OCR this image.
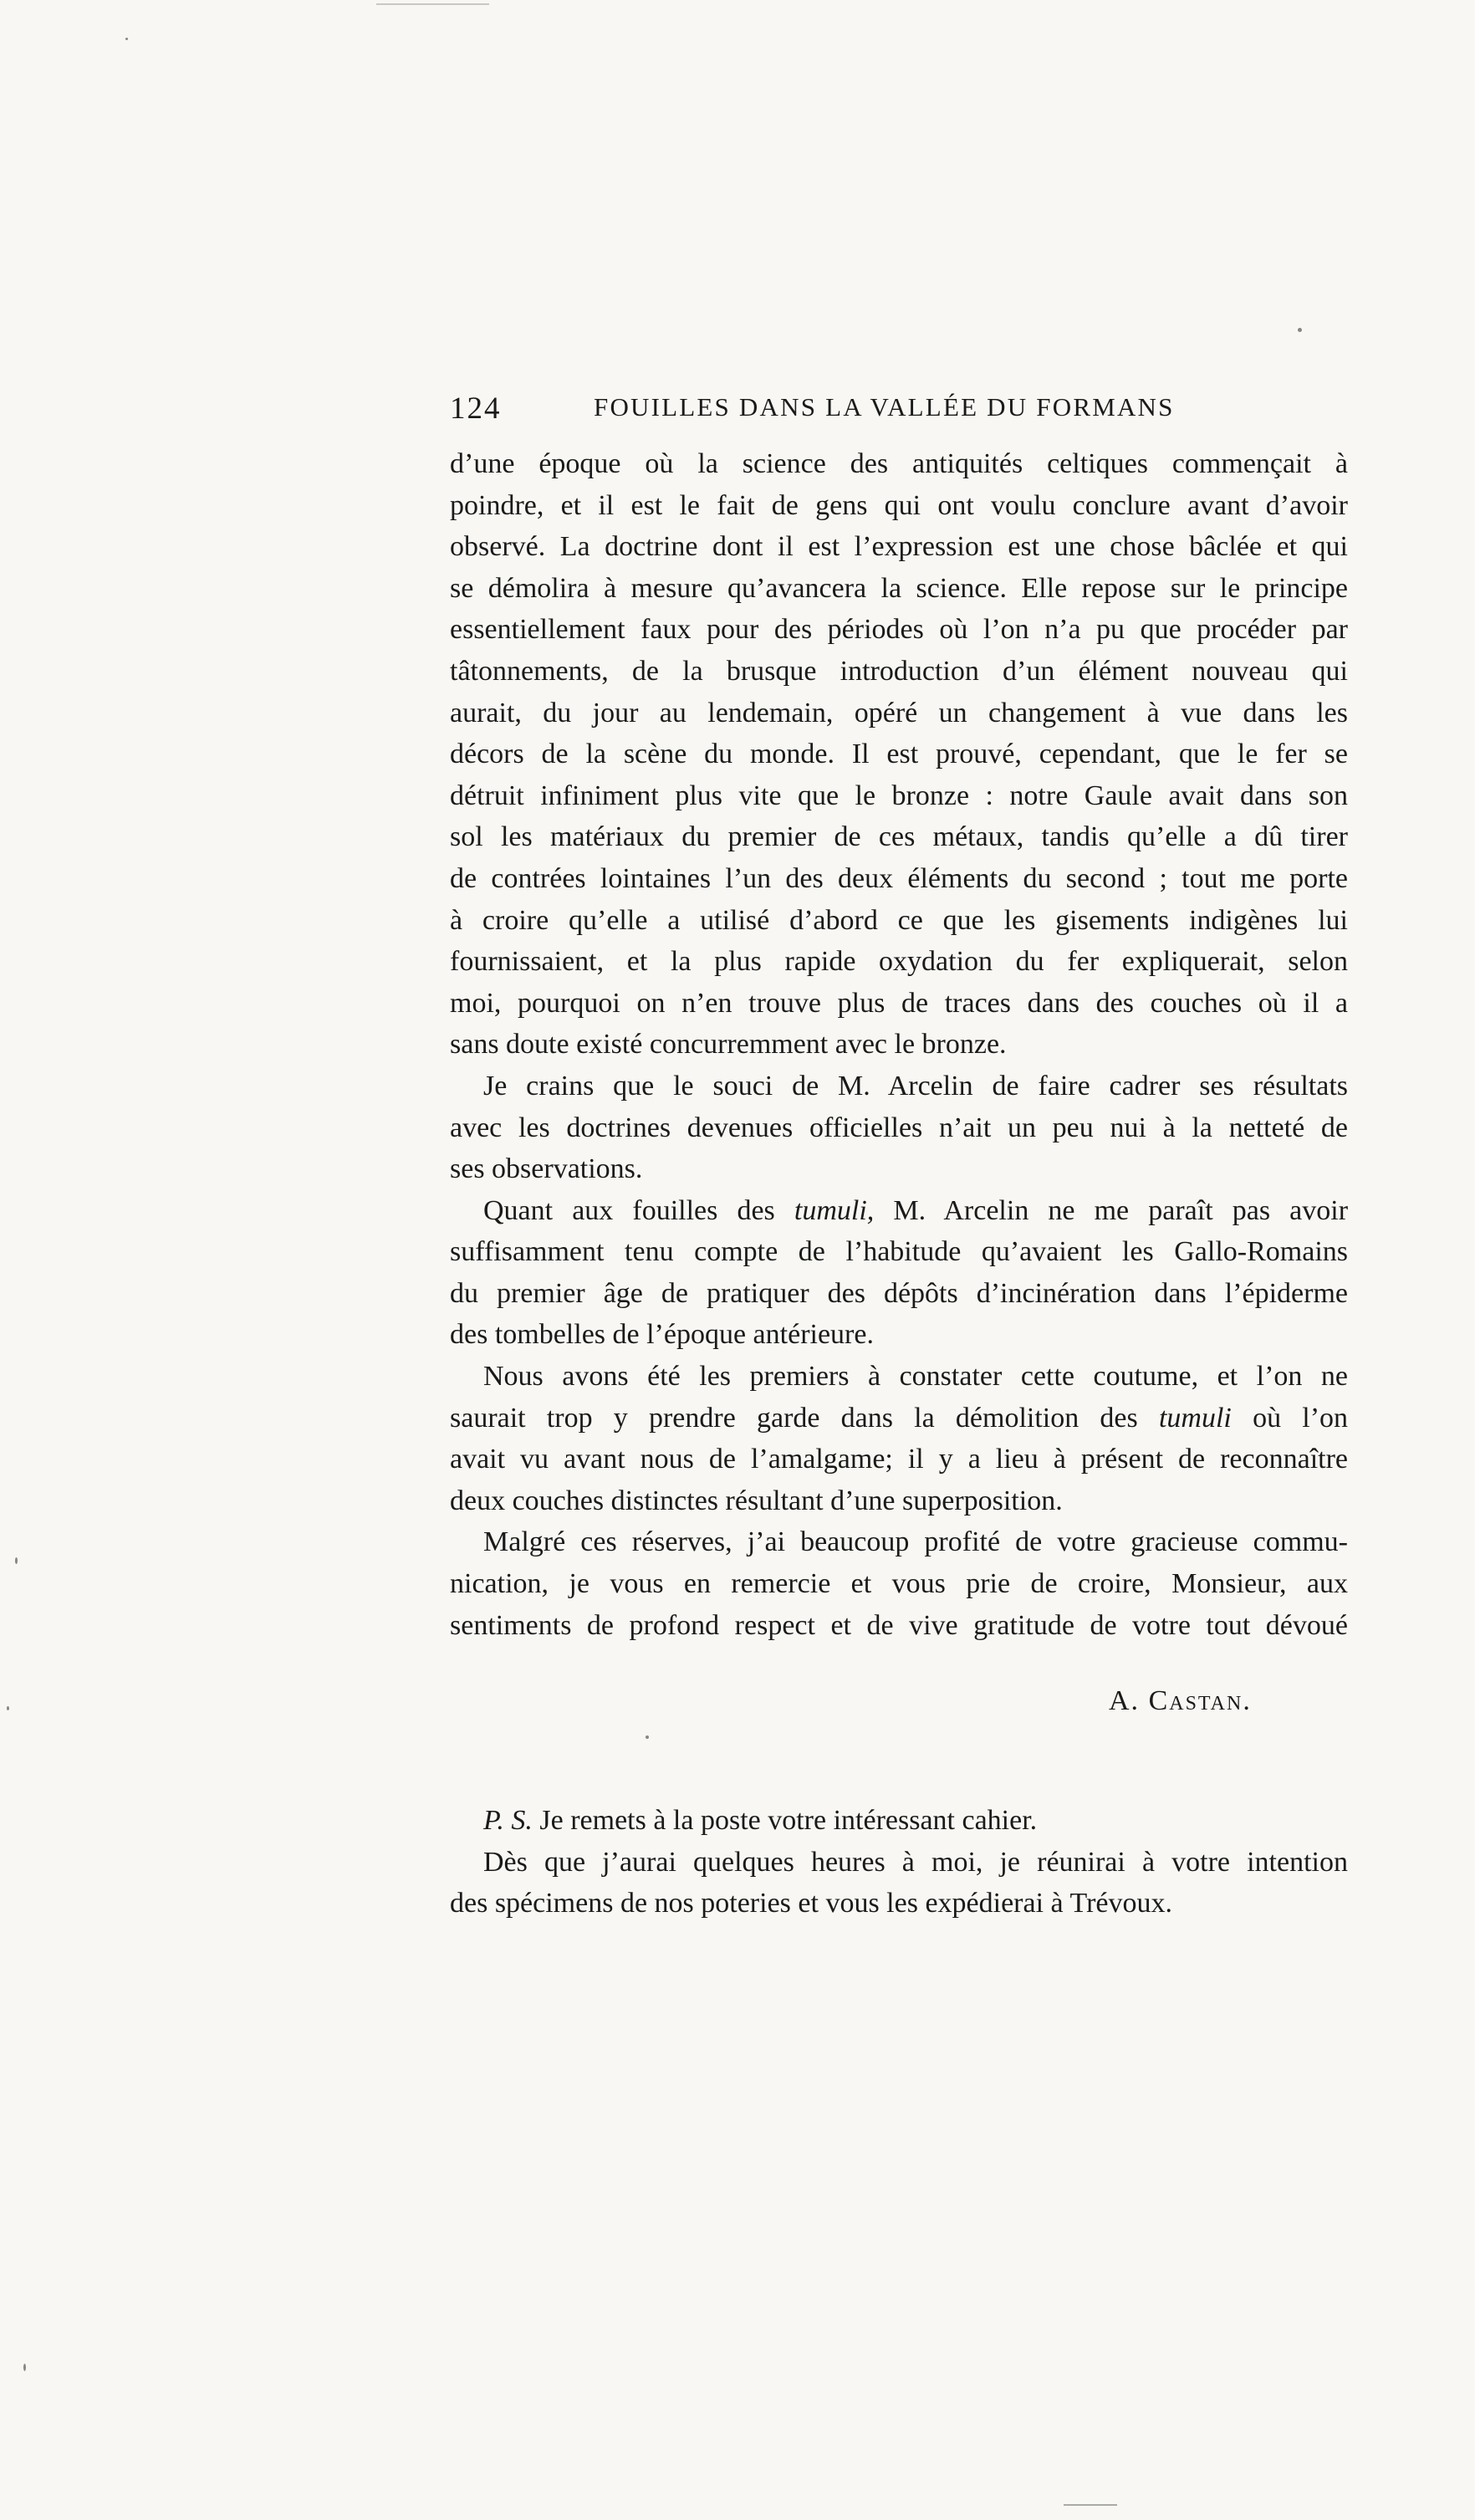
124	FOUILLES DANS LA VALLÉE DU FORMANS
d’une époque où la science des antiquités celtiques commençait à
poindre, et il est le fait de gens qui ont voulu conclure avant d’avoir
observé. La doctrine dont il est l’expression est une chose bâclée et qui
se démolira à mesure qu’avancera la science. Elle repose sur le principe
essentiellement faux pour des périodes où l’on n’a pu que procéder par
tâtonnements, de la brusque introduction d’un élément nouveau qui
aurait, du jour au lendemain, opéré un changement à vue dans les
décors de la scène du monde. Il est prouvé, cependant, que le fer se
détruit infiniment plus vite que le bronze : notre Gaule avait dans son
sol les matériaux du premier de ces métaux, tandis qu’elle a dû tirer
de contrées lointaines l’un des deux éléments du second ; tout me porte
à croire qu’elle a utilisé d’abord ce que les gisements indigènes lui
fournissaient, et la plus rapide oxydation du fer expliquerait, selon
moi, pourquoi on n’en trouve plus de traces dans des couches où il a
sans doute existé concurremment avec le bronze.
Je crains que le souci de M. Arcelin de faire cadrer ses résultats
avec les doctrines devenues officielles n’ait un peu nui à la netteté de
ses observations.
Quant aux fouilles des tumuli, M. Arcelin ne me paraît pas avoir
suffisamment tenu compte de l’habitude qu’avaient les Gallo-Romains
du premier âge de pratiquer des dépôts d’incinération dans l’épiderme
des tombelles de l’époque antérieure.
Nous avons été les premiers à constater cette coutume, et l’on ne
saurait trop y prendre garde dans la démolition des tumuli où l’on
avait vu avant nous de l’amalgame; il y a lieu à présent de reconnaître
deux couches distinctes résultant d’une superposition.
Malgré ces réserves, j’ai beaucoup profité de votre gracieuse commu-
nication, je vous en remercie et vous prie de croire, Monsieur, aux
sentiments de profond respect et de vive gratitude de votre tout dévoué
A. Castan.
P. S. Je remets à la poste votre intéressant cahier.
Dès que j’aurai quelques heures à moi, je réunirai à votre intention
des spécimens de nos poteries et vous les expédierai à Trévoux.
